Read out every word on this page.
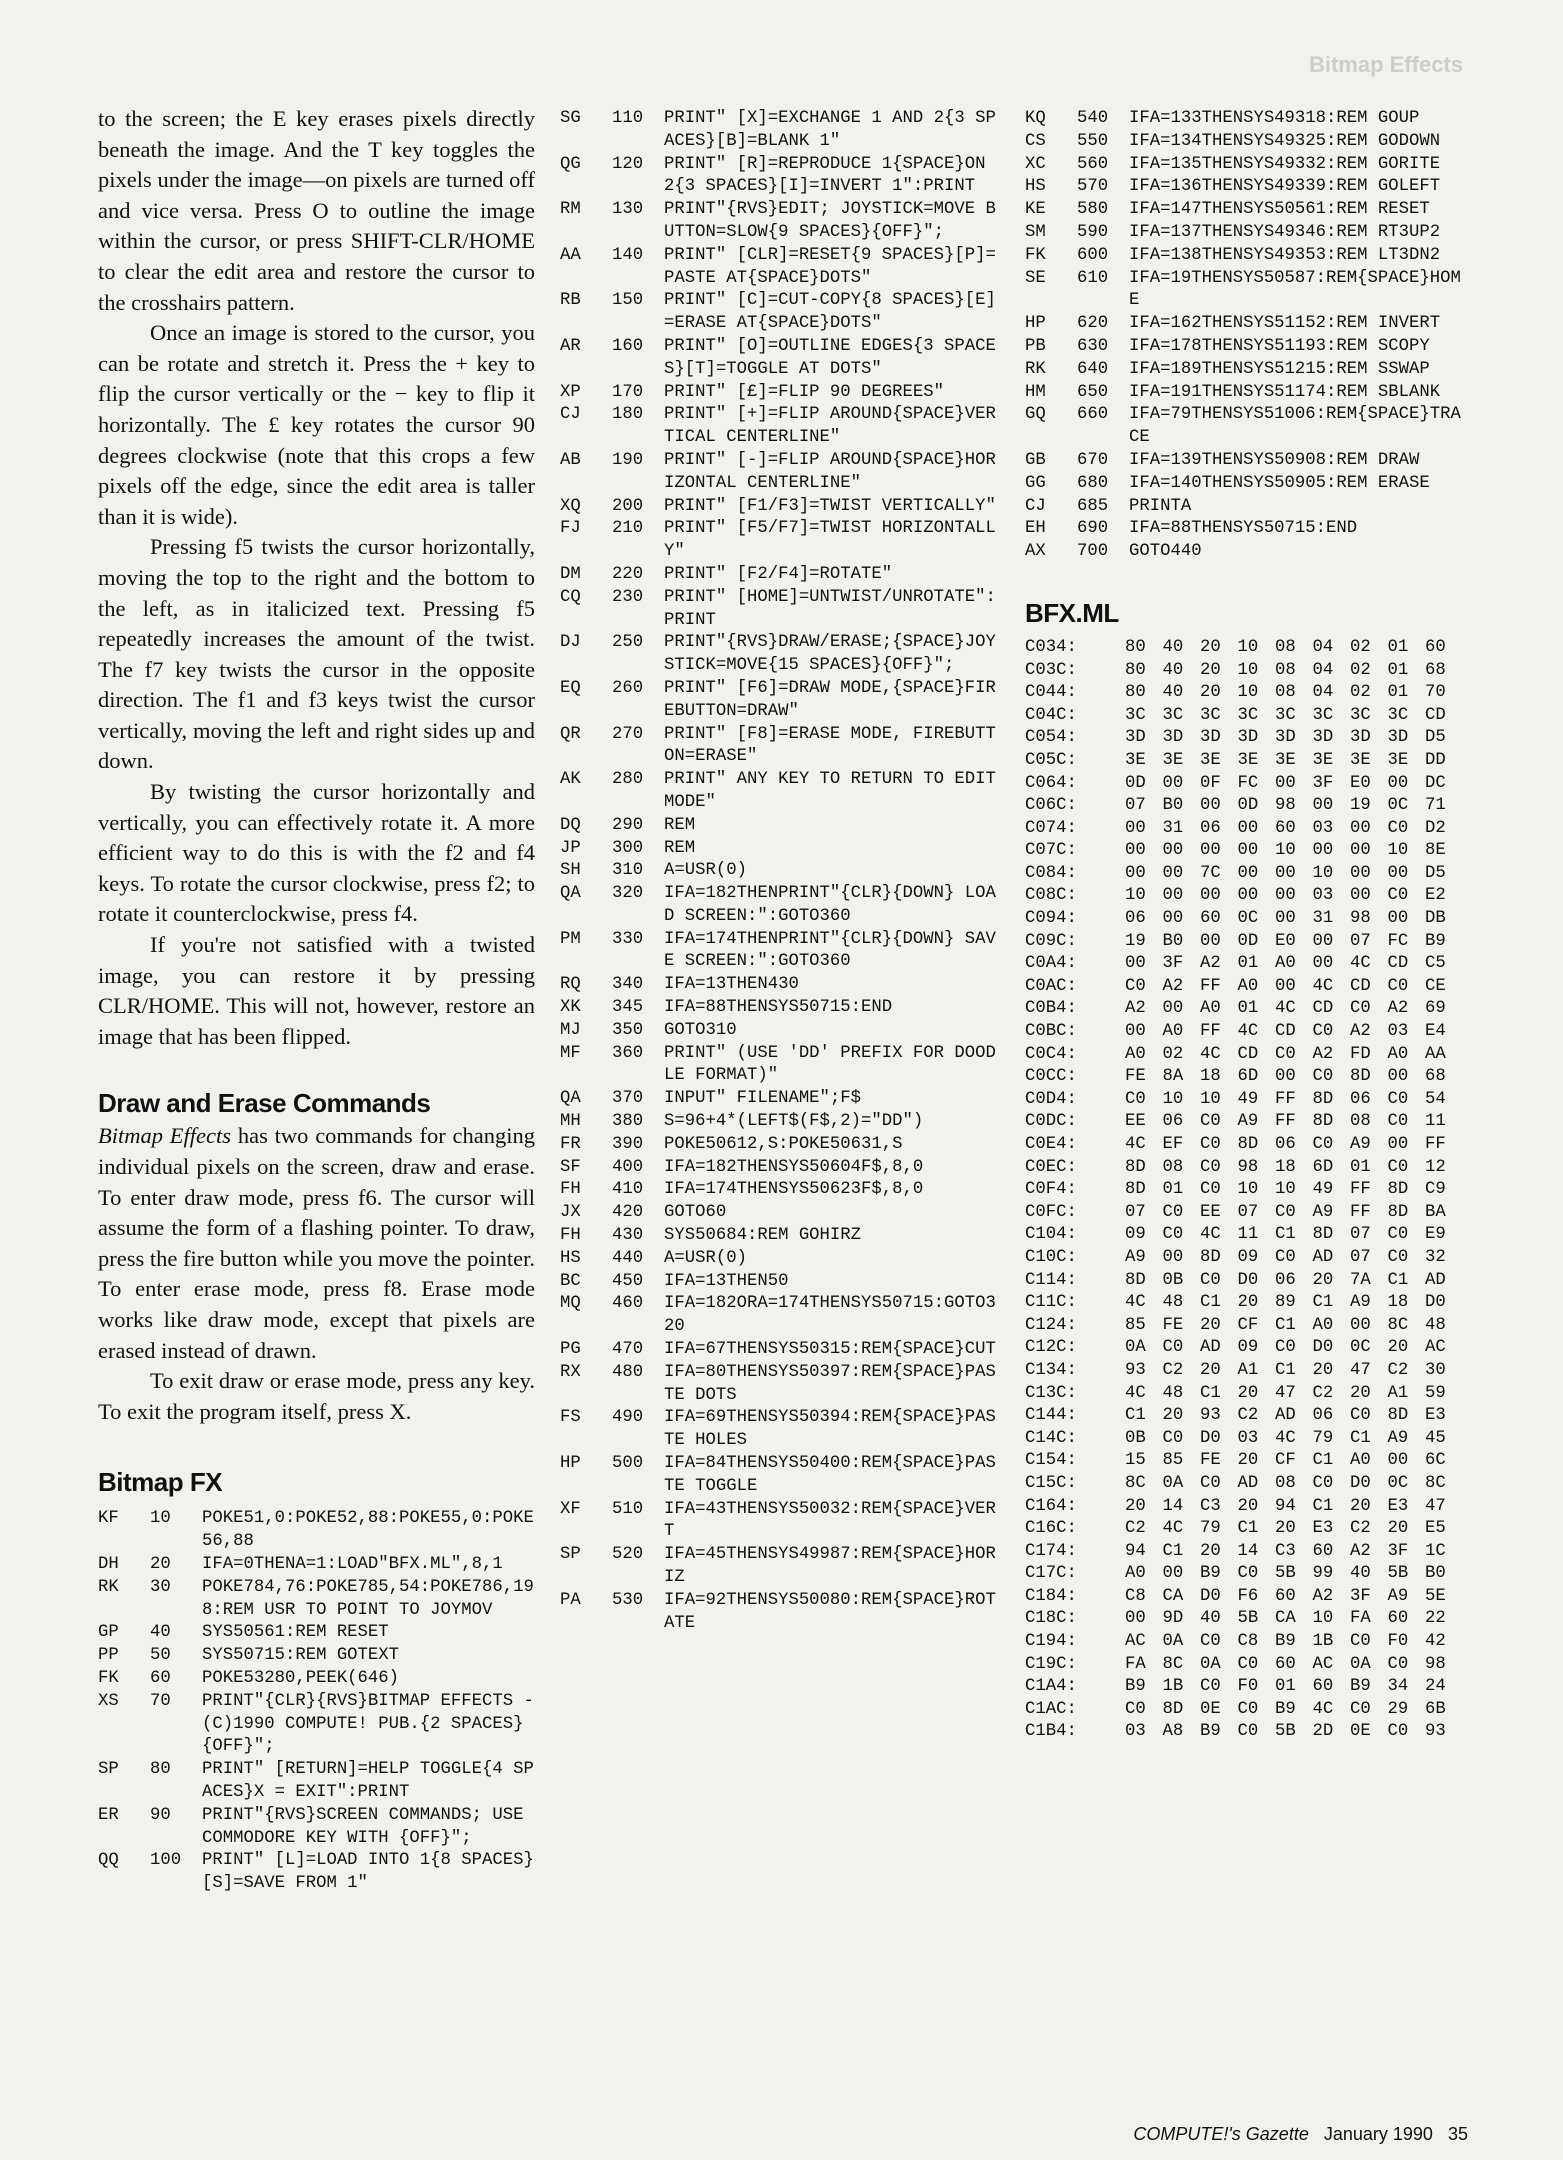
Bitmap Effects

to the screen; the E key erases pixels directly beneath the image. And the T key toggles the pixels under the image—on pixels are turned off and vice versa. Press O to outline the image within the cursor, or press SHIFT-CLR/HOME to clear the edit area and restore the cursor to the crosshairs pattern.

Once an image is stored to the cursor, you can be rotate and stretch it. Press the + key to flip the cursor vertically or the − key to flip it horizontally. The £ key rotates the cursor 90 degrees clockwise (note that this crops a few pixels off the edge, since the edit area is taller than it is wide).

Pressing f5 twists the cursor horizontally, moving the top to the right and the bottom to the left, as in italicized text. Pressing f5 repeatedly increases the amount of the twist. The f7 key twists the cursor in the opposite direction. The f1 and f3 keys twist the cursor vertically, moving the left and right sides up and down.

By twisting the cursor horizontally and vertically, you can effectively rotate it. A more efficient way to do this is with the f2 and f4 keys. To rotate the cursor clockwise, press f2; to rotate it counterclockwise, press f4.

If you're not satisfied with a twisted image, you can restore it by pressing CLR/HOME. This will not, however, restore an image that has been flipped.

Draw and Erase Commands

Bitmap Effects has two commands for changing individual pixels on the screen, draw and erase. To enter draw mode, press f6. The cursor will assume the form of a flashing pointer. To draw, press the fire button while you move the pointer. To enter erase mode, press f8. Erase mode works like draw mode, except that pixels are erased instead of drawn.

To exit draw or erase mode, press any key. To exit the program itself, press X.

Bitmap FX
KF	10	POKE51,0:POKE52,88:POKE55,0:POKE56,88
DH	20	IFA=0THENA=1:LOAD"BFX.ML",8,1
RK	30	POKE784,76:POKE785,54:POKE786,198:REM USR TO POINT TO JOYMOV
GP	40	SYS50561:REM RESET
PP	50	SYS50715:REM GOTEXT
FK	60	POKE53280,PEEK(646)
XS	70	PRINT"{CLR}{RVS}BITMAP EFFECTS - (C)1990 COMPUTE! PUB.{2 SPACES}{OFF}";
SP	80	PRINT" [RETURN]=HELP TOGGLE{4 SPACES}X = EXIT":PRINT
ER	90	PRINT"{RVS}SCREEN COMMANDS; USE COMMODORE KEY WITH {OFF}";
QQ	100	PRINT" [L]=LOAD INTO 1{8 SPACES}[S]=SAVE FROM 1"
SG	110	PRINT" [X]=EXCHANGE 1 AND 2{3 SPACES}[B]=BLANK 1"
QG	120	PRINT" [R]=REPRODUCE 1{SPACE}ON 2{3 SPACES}[I]=INVERT 1":PRINT
RM	130	PRINT"{RVS}EDIT; JOYSTICK=MOVE BUTTON=SLOW{9 SPACES}{OFF}";
AA	140	PRINT" [CLR]=RESET{9 SPACES}[P]=PASTE AT{SPACE}DOTS"
RB	150	PRINT" [C]=CUT-COPY{8 SPACES}[E]=ERASE AT{SPACE}DOTS"
AR	160	PRINT" [O]=OUTLINE EDGES{3 SPACES}[T]=TOGGLE AT DOTS"
XP	170	PRINT" [£]=FLIP 90 DEGREES"
CJ	180	PRINT" [+]=FLIP AROUND{SPACE}VERTICAL CENTERLINE"
AB	190	PRINT" [-]=FLIP AROUND{SPACE}HORIZONTAL CENTERLINE"
XQ	200	PRINT" [F1/F3]=TWIST VERTICALLY"
FJ	210	PRINT" [F5/F7]=TWIST HORIZONTALLY"
DM	220	PRINT" [F2/F4]=ROTATE"
CQ	230	PRINT" [HOME]=UNTWIST/UNROTATE":PRINT
DJ	250	PRINT"{RVS}DRAW/ERASE;{SPACE}JOYSTICK=MOVE{15 SPACES}{OFF}";
EQ	260	PRINT" [F6]=DRAW MODE,{SPACE}FIREBUTTON=DRAW"
QR	270	PRINT" [F8]=ERASE MODE, FIREBUTTON=ERASE"
AK	280	PRINT" ANY KEY TO RETURN TO EDIT MODE"
DQ	290	REM
JP	300	REM
SH	310	A=USR(0)
QA	320	IFA=182THENPRINT"{CLR}{DOWN} LOAD SCREEN:":GOTO360
PM	330	IFA=174THENPRINT"{CLR}{DOWN} SAVE SCREEN:":GOTO360
RQ	340	IFA=13THEN430
XK	345	IFA=88THENSYS50715:END
MJ	350	GOTO310
MF	360	PRINT" (USE 'DD' PREFIX FOR DOODLE FORMAT)"
QA	370	INPUT" FILENAME";F$
MH	380	S=96+4*(LEFT$(F$,2)="DD")
FR	390	POKE50612,S:POKE50631,S
SF	400	IFA=182THENSYS50604F$,8,0
FH	410	IFA=174THENSYS50623F$,8,0
JX	420	GOTO60
FH	430	SYS50684:REM GOHIRZ
HS	440	A=USR(0)
BC	450	IFA=13THEN50
MQ	460	IFA=182ORA=174THENSYS50715:GOTO320
PG	470	IFA=67THENSYS50315:REM{SPACE}CUT
RX	480	IFA=80THENSYS50397:REM{SPACE}PASTE DOTS
FS	490	IFA=69THENSYS50394:REM{SPACE}PASTE HOLES
HP	500	IFA=84THENSYS50400:REM{SPACE}PASTE TOGGLE
XF	510	IFA=43THENSYS50032:REM{SPACE}VERT
SP	520	IFA=45THENSYS49987:REM{SPACE}HORIZ
PA	530	IFA=92THENSYS50080:REM{SPACE}ROTATE
KQ	540	IFA=133THENSYS49318:REM GOUP
CS	550	IFA=134THENSYS49325:REM GODOWN
XC	560	IFA=135THENSYS49332:REM GORITE
HS	570	IFA=136THENSYS49339:REM GOLEFT
KE	580	IFA=147THENSYS50561:REM RESET
SM	590	IFA=137THENSYS49346:REM RT3UP2
FK	600	IFA=138THENSYS49353:REM LT3DN2
SE	610	IFA=19THENSYS50587:REM{SPACE}HOME
HP	620	IFA=162THENSYS51152:REM INVERT
PB	630	IFA=178THENSYS51193:REM SCOPY
RK	640	IFA=189THENSYS51215:REM SSWAP
HM	650	IFA=191THENSYS51174:REM SBLANK
GQ	660	IFA=79THENSYS51006:REM{SPACE}TRACE
GB	670	IFA=139THENSYS50908:REM DRAW
GG	680	IFA=140THENSYS50905:REM ERASE
CJ	685	PRINTA
EH	690	IFA=88THENSYS50715:END
AX	700	GOTO440
BFX.ML
C034:	80 40 20 10 08 04 02 01 60
C03C:	80 40 20 10 08 04 02 01 68
C044:	80 40 20 10 08 04 02 01 70
C04C:	3C 3C 3C 3C 3C 3C 3C 3C CD
C054:	3D 3D 3D 3D 3D 3D 3D 3D D5
C05C:	3E 3E 3E 3E 3E 3E 3E 3E DD
C064:	0D 00 0F FC 00 3F E0 00 DC
C06C:	07 B0 00 0D 98 00 19 0C 71
C074:	00 31 06 00 60 03 00 C0 D2
C07C:	00 00 00 00 10 00 00 10 8E
C084:	00 00 7C 00 00 10 00 00 D5
C08C:	10 00 00 00 00 03 00 C0 E2
C094:	06 00 60 0C 00 31 98 00 DB
C09C:	19 B0 00 0D E0 00 07 FC B9
C0A4:	00 3F A2 01 A0 00 4C CD C5
C0AC:	C0 A2 FF A0 00 4C CD C0 CE
C0B4:	A2 00 A0 01 4C CD C0 A2 69
C0BC:	00 A0 FF 4C CD C0 A2 03 E4
C0C4:	A0 02 4C CD C0 A2 FD A0 AA
C0CC:	FE 8A 18 6D 00 C0 8D 00 68
C0D4:	C0 10 10 49 FF 8D 06 C0 54
C0DC:	EE 06 C0 A9 FF 8D 08 C0 11
C0E4:	4C EF C0 8D 06 C0 A9 00 FF
C0EC:	8D 08 C0 98 18 6D 01 C0 12
C0F4:	8D 01 C0 10 10 49 FF 8D C9
C0FC:	07 C0 EE 07 C0 A9 FF 8D BA
C104:	09 C0 4C 11 C1 8D 07 C0 E9
C10C:	A9 00 8D 09 C0 AD 07 C0 32
C114:	8D 0B C0 D0 06 20 7A C1 AD
C11C:	4C 48 C1 20 89 C1 A9 18 D0
C124:	85 FE 20 CF C1 A0 00 8C 48
C12C:	0A C0 AD 09 C0 D0 0C 20 AC
C134:	93 C2 20 A1 C1 20 47 C2 30
C13C:	4C 48 C1 20 47 C2 20 A1 59
C144:	C1 20 93 C2 AD 06 C0 8D E3
C14C:	0B C0 D0 03 4C 79 C1 A9 45
C154:	15 85 FE 20 CF C1 A0 00 6C
C15C:	8C 0A C0 AD 08 C0 D0 0C 8C
C164:	20 14 C3 20 94 C1 20 E3 47
C16C:	C2 4C 79 C1 20 E3 C2 20 E5
C174:	94 C1 20 14 C3 60 A2 3F 1C
C17C:	A0 00 B9 C0 5B 99 40 5B B0
C184:	C8 CA D0 F6 60 A2 3F A9 5E
C18C:	00 9D 40 5B CA 10 FA 60 22
C194:	AC 0A C0 C8 B9 1B C0 F0 42
C19C:	FA 8C 0A C0 60 AC 0A C0 98
C1A4:	B9 1B C0 F0 01 60 B9 34 24
C1AC:	C0 8D 0E C0 B9 4C C0 29 6B
C1B4:	03 A8 B9 C0 5B 2D 0E C0 93
COMPUTE!'s Gazette January 1990 35
